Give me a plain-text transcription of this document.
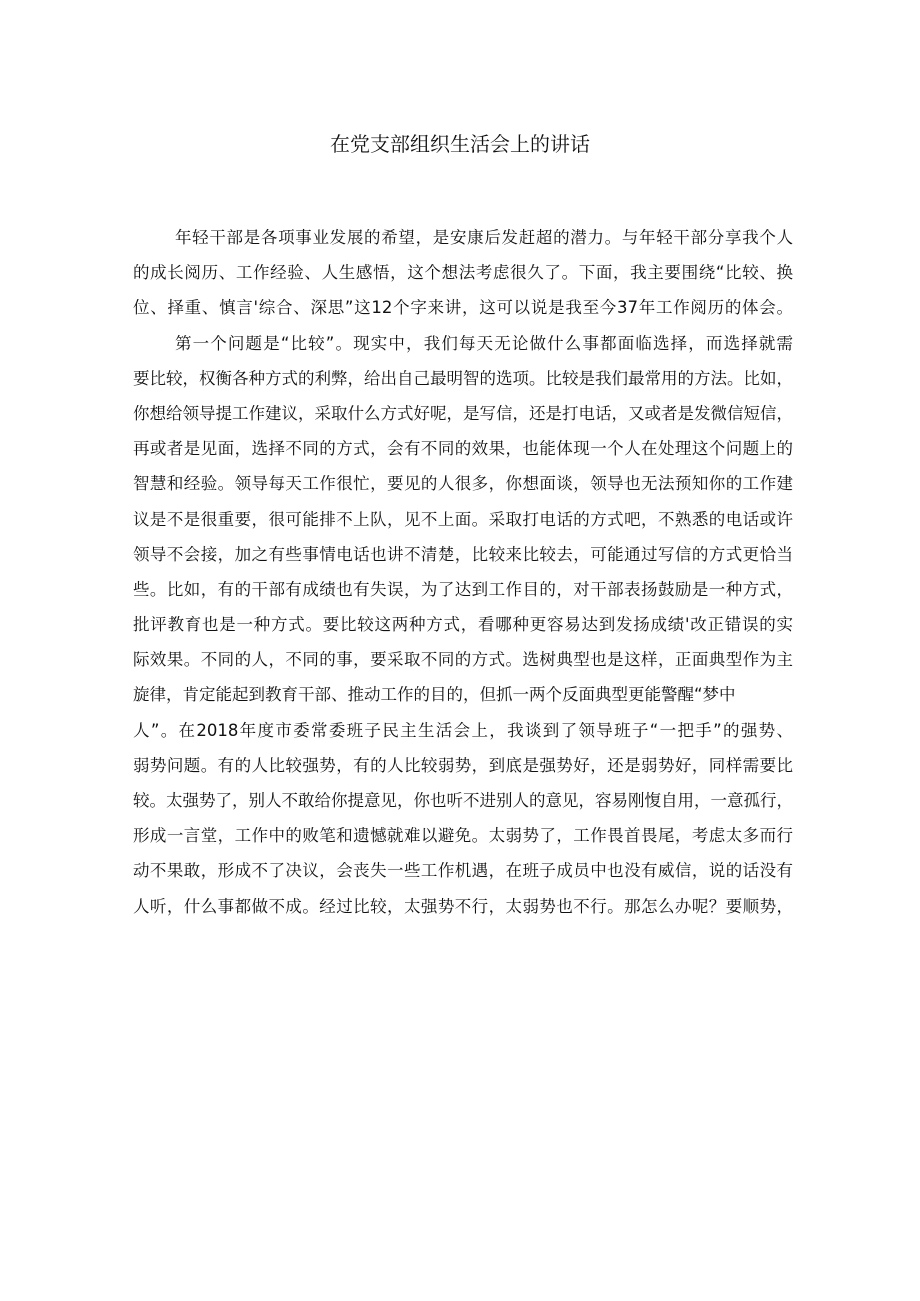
在党支部组织生活会上的讲话
年轻干部是各项事业发展的希望，是安康后发赶超的潜力。与年轻干部分享我个人
的成长阅历、工作经验、人生感悟，这个想法考虑很久了。下面，我主要围绕“比较、换
位、择重、慎言'综合、深思”这12个字来讲，这可以说是我至今37年工作阅历的体会。
第一个问题是“比较”。现实中，我们每天无论做什么事都面临选择，而选择就需
要比较，权衡各种方式的利弊，给出自己最明智的选项。比较是我们最常用的方法。比如，
你想给领导提工作建议，采取什么方式好呢，是写信，还是打电话，又或者是发微信短信，
再或者是见面，选择不同的方式，会有不同的效果，也能体现一个人在处理这个问题上的
智慧和经验。领导每天工作很忙，要见的人很多，你想面谈，领导也无法预知你的工作建
议是不是很重要，很可能排不上队，见不上面。采取打电话的方式吧，不熟悉的电话或许
领导不会接，加之有些事情电话也讲不清楚，比较来比较去，可能通过写信的方式更恰当
些。比如，有的干部有成绩也有失误，为了达到工作目的，对干部表扬鼓励是一种方式，
批评教育也是一种方式。要比较这两种方式，看哪种更容易达到发扬成绩'改正错误的实
际效果。不同的人，不同的事，要采取不同的方式。选树典型也是这样，正面典型作为主
旋律，肯定能起到教育干部、推动工作的目的，但抓一两个反面典型更能警醒“梦中
人”。在2018年度市委常委班子民主生活会上，我谈到了领导班子“一把手”的强势、
弱势问题。有的人比较强势，有的人比较弱势，到底是强势好，还是弱势好，同样需要比
较。太强势了，别人不敢给你提意见，你也听不进别人的意见，容易刚愎自用，一意孤行，
形成一言堂，工作中的败笔和遗憾就难以避免。太弱势了，工作畏首畏尾，考虑太多而行
动不果敢，形成不了决议，会丧失一些工作机遇，在班子成员中也没有威信，说的话没有
人听，什么事都做不成。经过比较，太强势不行，太弱势也不行。那怎么办呢？要顺势，
